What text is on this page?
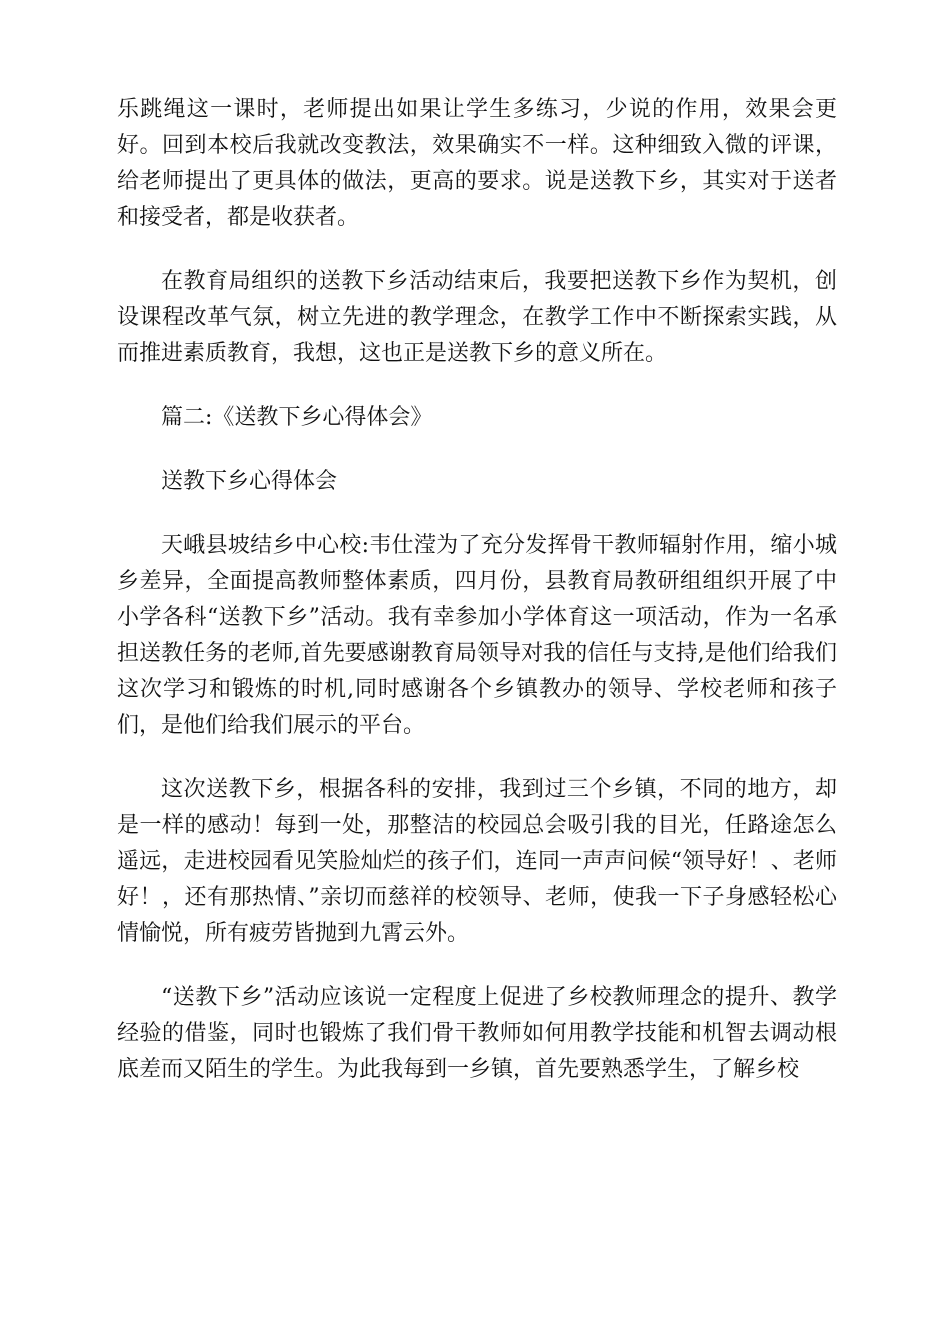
乐跳绳这一课时，老师提出如果让学生多练习，少说的作用，效果会更好。回到本校后我就改变教法，效果确实不一样。这种细致入微的评课，给老师提出了更具体的做法，更高的要求。说是送教下乡，其实对于送者和接受者，都是收获者。

在教育局组织的送教下乡活动结束后，我要把送教下乡作为契机，创设课程改革气氛，树立先进的教学理念，在教学工作中不断探索实践，从而推进素质教育，我想，这也正是送教下乡的意义所在。

篇二:《送教下乡心得体会》

送教下乡心得体会

天峨县坡结乡中心校:韦仕滢为了充分发挥骨干教师辐射作用，缩小城乡差异，全面提高教师整体素质，四月份，县教育局教研组组织开展了中小学各科“送教下乡”活动。我有幸参加小学体育这一项活动，作为一名承担送教任务的老师,首先要感谢教育局领导对我的信任与支持,是他们给我们这次学习和锻炼的时机,同时感谢各个乡镇教办的领导、学校老师和孩子们，是他们给我们展示的平台。

这次送教下乡，根据各科的安排，我到过三个乡镇，不同的地方，却是一样的感动！每到一处，那整洁的校园总会吸引我的目光，任路途怎么遥远，走进校园看见笑脸灿烂的孩子们，连同一声声问候“领导好！、老师好！，还有那热情、”亲切而慈祥的校领导、老师，使我一下子身感轻松心情愉悦，所有疲劳皆抛到九霄云外。

“送教下乡”活动应该说一定程度上促进了乡校教师理念的提升、教学经验的借鉴，同时也锻炼了我们骨干教师如何用教学技能和机智去调动根底差而又陌生的学生。为此我每到一乡镇，首先要熟悉学生，了解乡校
